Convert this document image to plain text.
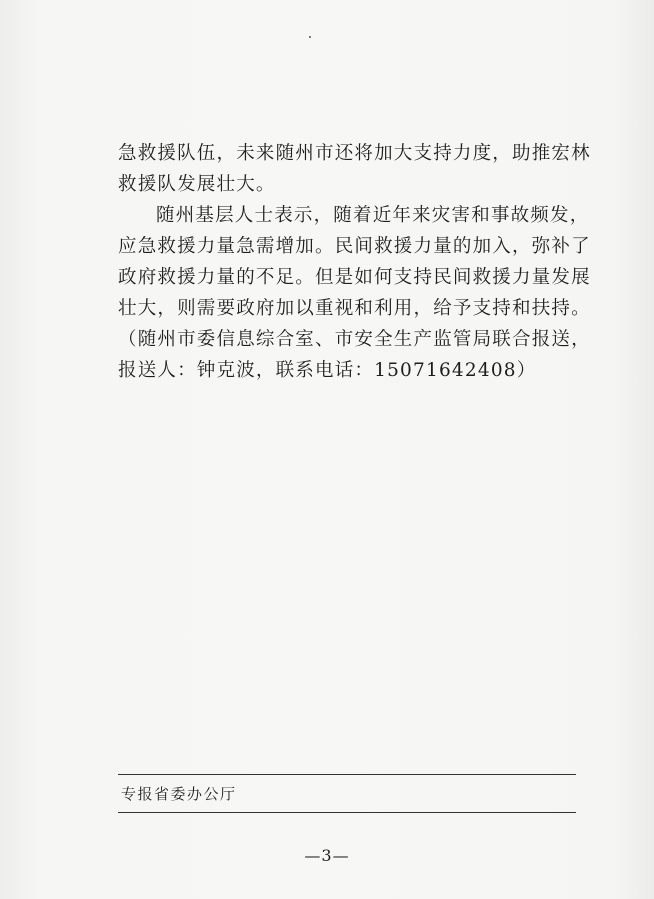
急救援队伍，未来随州市还将加大支持力度，助推宏林
救援队发展壮大。
随州基层人士表示，随着近年来灾害和事故频发，
应急救援力量急需增加。民间救援力量的加入，弥补了
政府救援力量的不足。但是如何支持民间救援力量发展
壮大，则需要政府加以重视和利用，给予支持和扶持。
（随州市委信息综合室、市安全生产监管局联合报送，
报送人：钟克波，联系电话：15071642408）
专报省委办公厅
—3—
